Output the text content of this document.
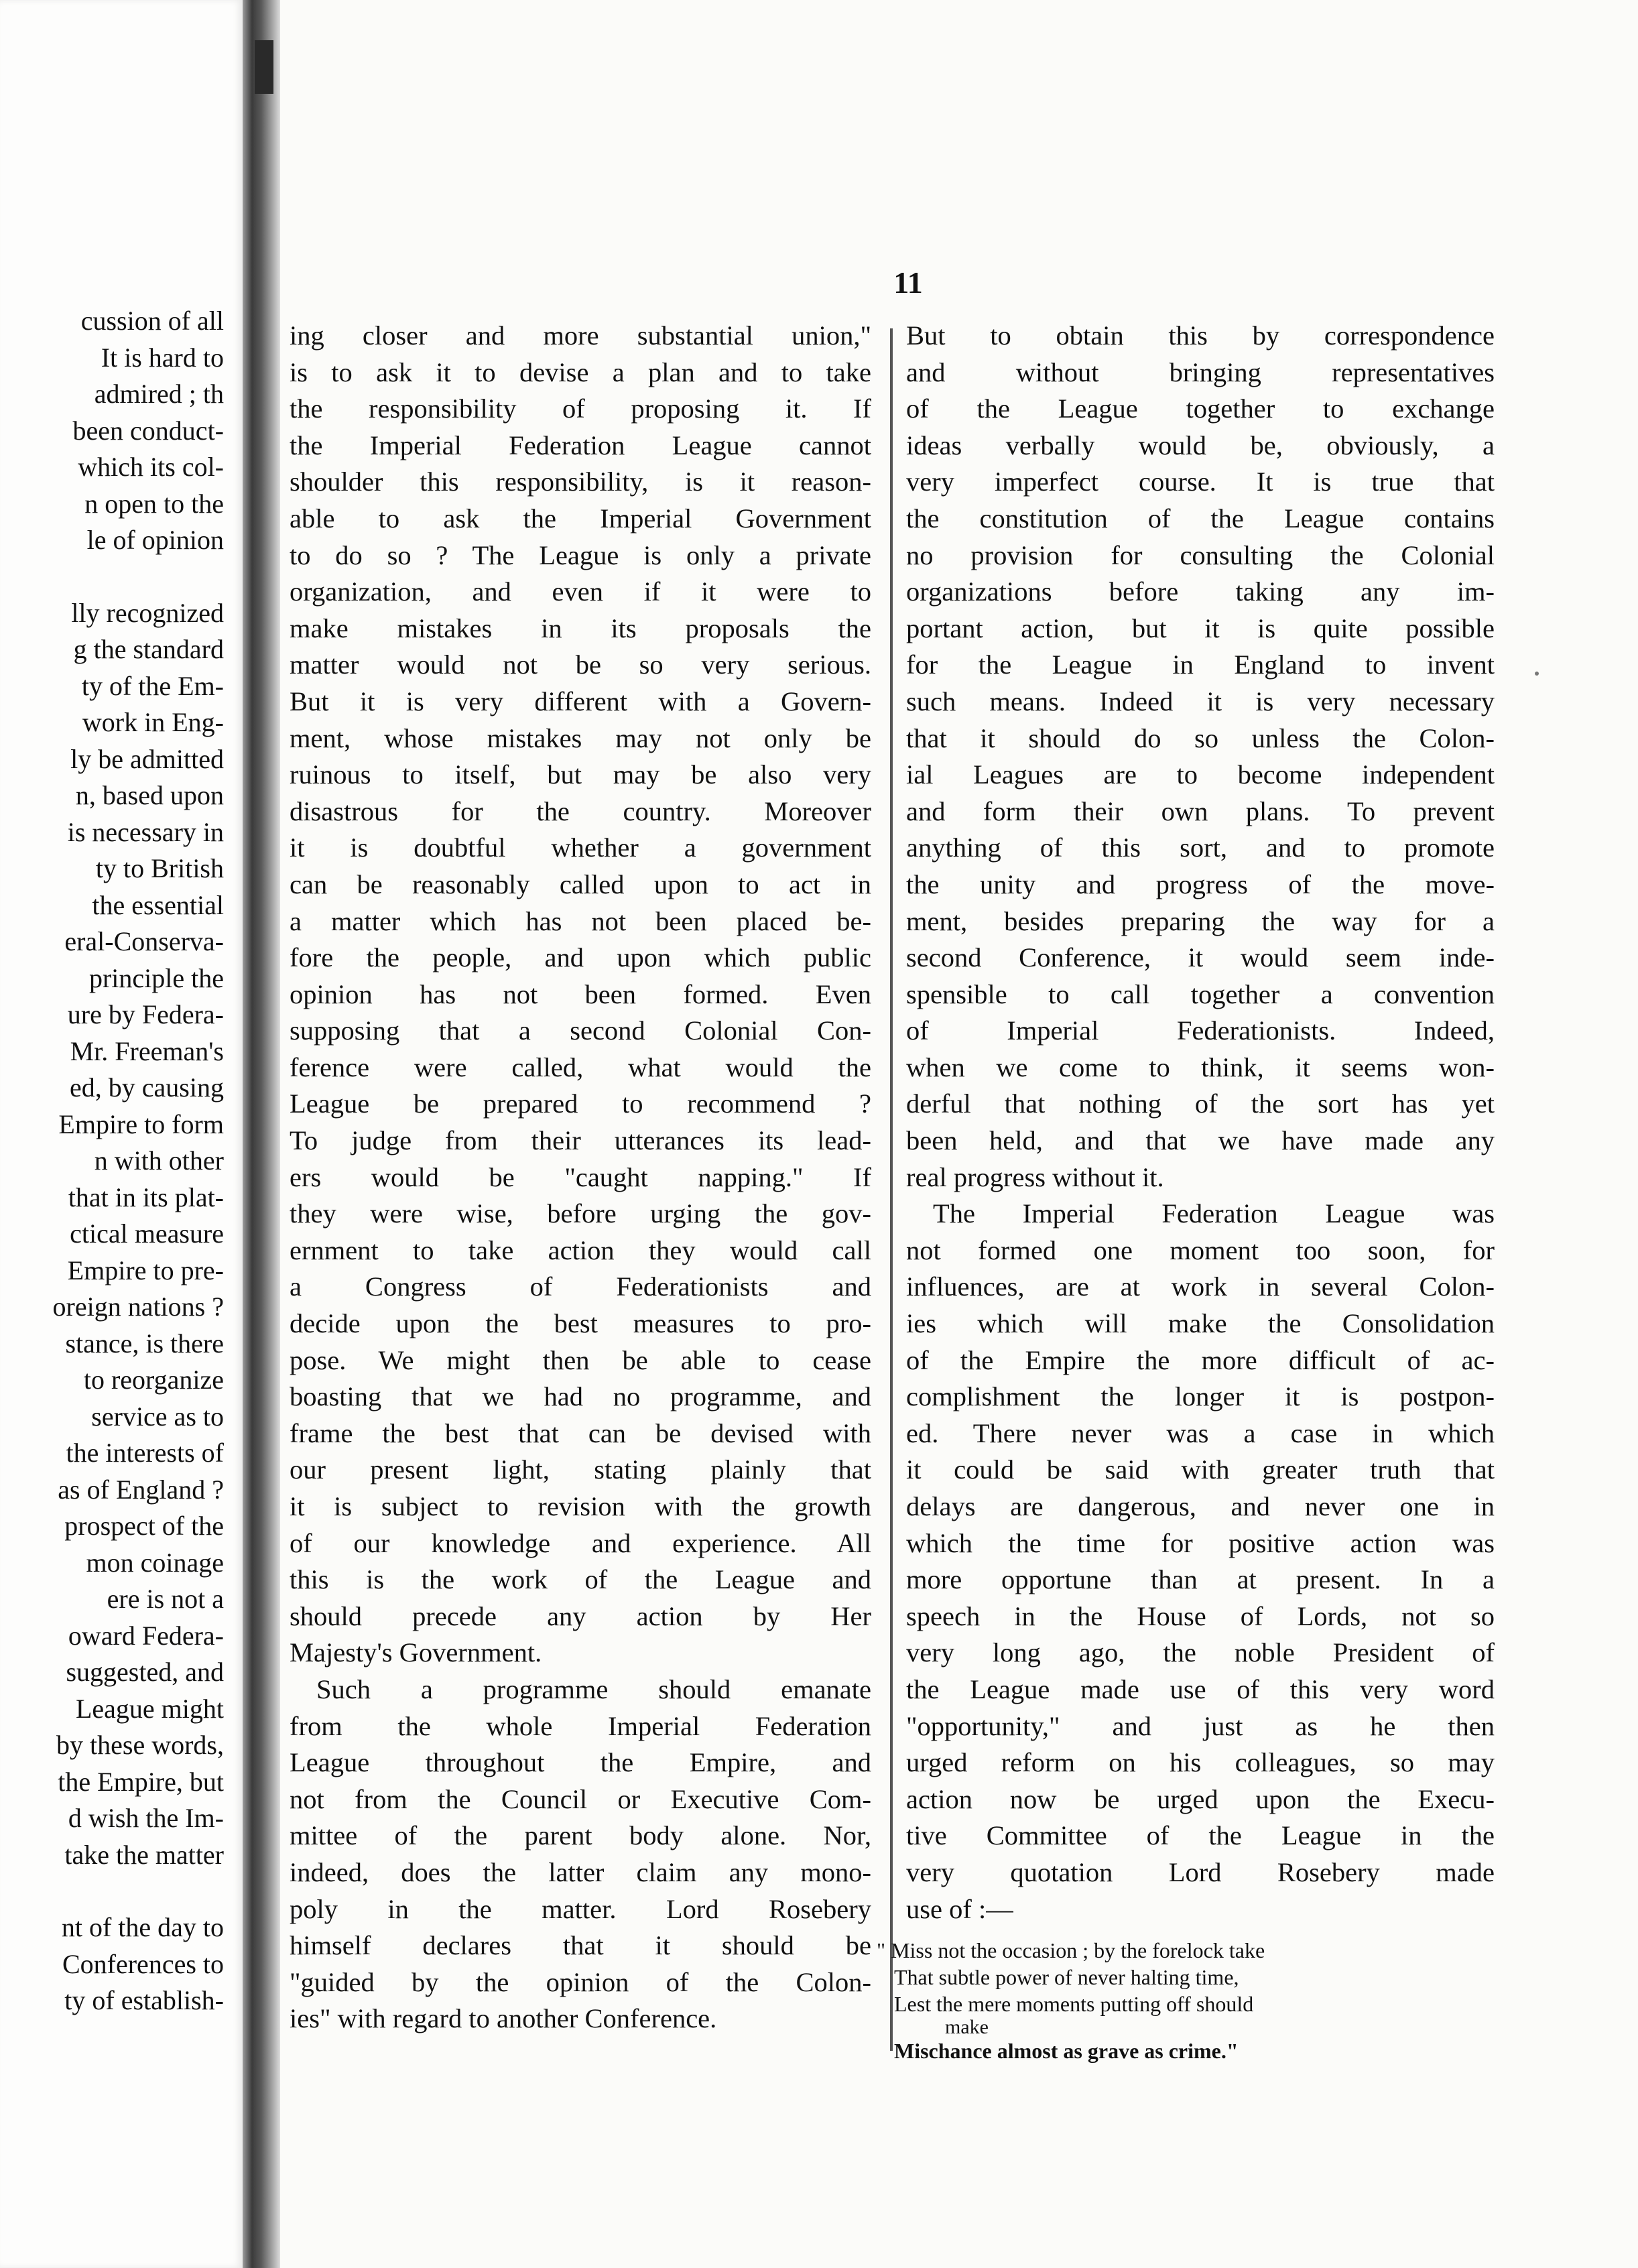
cussion of all
It is hard to
admired ; th
been conduct-
which its col-
n open to the
le of opinion
lly recognized
g the standard
ty of the Em-
work in Eng-
ly be admitted
n, based upon
is necessary in
ty to British
the essential
eral-Conserva-
principle the
ure by Federa-
Mr. Freeman's
ed, by causing
Empire to form
n with other
that in its plat-
ctical measure
Empire to pre-
oreign nations ?
stance, is there
to reorganize
service as to
the interests of
as of England ?
prospect of the
mon coinage
ere is not a
oward Federa-
suggested, and
League might
by these words,
the Empire, but
d wish the Im-
take the matter
nt of the day to
Conferences to
ty of establish-
11
ing closer and more substantial union,"
is to ask it to devise a plan and to take
the responsibility of proposing it. If
the Imperial Federation League cannot
shoulder this responsibility, is it reason-
able to ask the Imperial Government
to do so ? The League is only a private
organization, and even if it were to
make mistakes in its proposals the
matter would not be so very serious.
But it is very different with a Govern-
ment, whose mistakes may not only be
ruinous to itself, but may be also very
disastrous for the country. Moreover
it is doubtful whether a government
can be reasonably called upon to act in
a matter which has not been placed be-
fore the people, and upon which public
opinion has not been formed. Even
supposing that a second Colonial Con-
ference were called, what would the
League be prepared to recommend ?
To judge from their utterances its lead-
ers would be "caught napping." If
they were wise, before urging the gov-
ernment to take action they would call
a Congress of Federationists and
decide upon the best measures to pro-
pose. We might then be able to cease
boasting that we had no programme, and
frame the best that can be devised with
our present light, stating plainly that
it is subject to revision with the growth
of our knowledge and experience. All
this is the work of the League and
should precede any action by Her
Majesty's Government.
Such a programme should emanate
from the whole Imperial Federation
League throughout the Empire, and
not from the Council or Executive Com-
mittee of the parent body alone. Nor,
indeed, does the latter claim any mono-
poly in the matter. Lord Rosebery
himself declares that it should be
"guided by the opinion of the Colon-
ies" with regard to another Conference.
But to obtain this by correspondence
and without bringing representatives
of the League together to exchange
ideas verbally would be, obviously, a
very imperfect course. It is true that
the constitution of the League contains
no provision for consulting the Colonial
organizations before taking any im-
portant action, but it is quite possible
for the League in England to invent
such means. Indeed it is very necessary
that it should do so unless the Colon-
ial Leagues are to become independent
and form their own plans. To prevent
anything of this sort, and to promote
the unity and progress of the move-
ment, besides preparing the way for a
second Conference, it would seem inde-
spensible to call together a convention
of Imperial Federationists. Indeed,
when we come to think, it seems won-
derful that nothing of the sort has yet
been held, and that we have made any
real progress without it.
The Imperial Federation League was
not formed one moment too soon, for
influences, are at work in several Colon-
ies which will make the Consolidation
of the Empire the more difficult of ac-
complishment the longer it is postpon-
ed. There never was a case in which
it could be said with greater truth that
delays are dangerous, and never one in
which the time for positive action was
more opportune than at present. In a
speech in the House of Lords, not so
very long ago, the noble President of
the League made use of this very word
"opportunity," and just as he then
urged reform on his colleagues, so may
action now be urged upon the Execu-
tive Committee of the League in the
very quotation Lord Rosebery made
use of :—
" Miss not the occasion ; by the forelock take
That subtle power of never halting time,
Lest the mere moments putting off should
make
Mischance almost as grave as crime."
